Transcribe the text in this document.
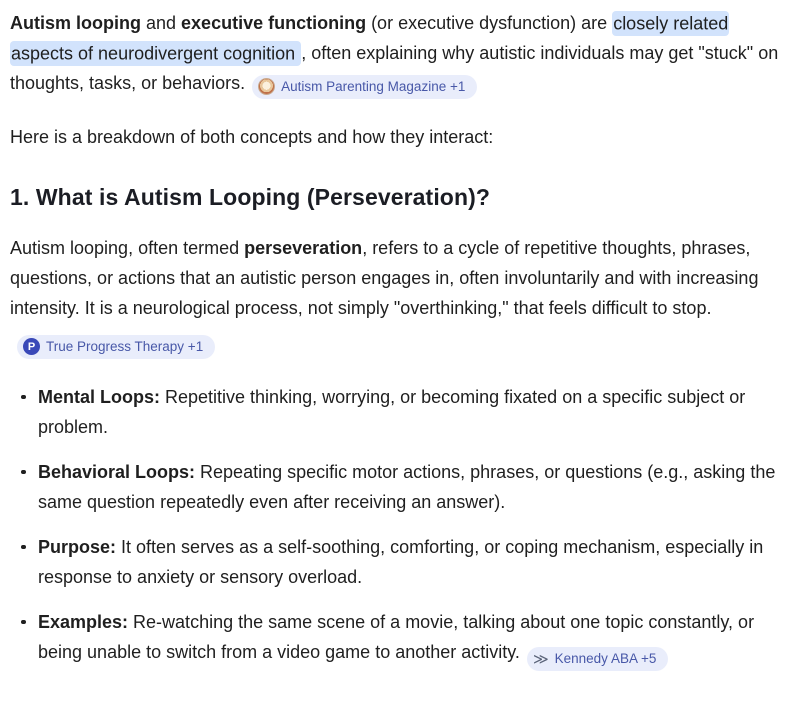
Autism looping and executive functioning (or executive dysfunction) are closely related aspects of neurodivergent cognition , often explaining why autistic individuals may get "stuck" on thoughts, tasks, or behaviors.	Autism Parenting Magazine +1

Here is a breakdown of both concepts and how they interact:

1. What is Autism Looping (Perseveration)?

Autism looping, often termed perseveration, refers to a cycle of repetitive thoughts, phrases, questions, or actions that an autistic person engages in, often involuntarily and with increasing intensity. It is a neurological process, not simply "overthinking," that feels difficult to stop.
P True Progress Therapy +1

Mental Loops: Repetitive thinking, worrying, or becoming fixated on a specific subject or problem.
Behavioral Loops: Repeating specific motor actions, phrases, or questions (e.g., asking the same question repeatedly even after receiving an answer).
Purpose: It often serves as a self-soothing, comforting, or coping mechanism, especially in response to anxiety or sensory overload.
Examples: Re-watching the same scene of a movie, talking about one topic constantly, or being unable to switch from a video game to another activity. ≫ Kennedy ABA +5
